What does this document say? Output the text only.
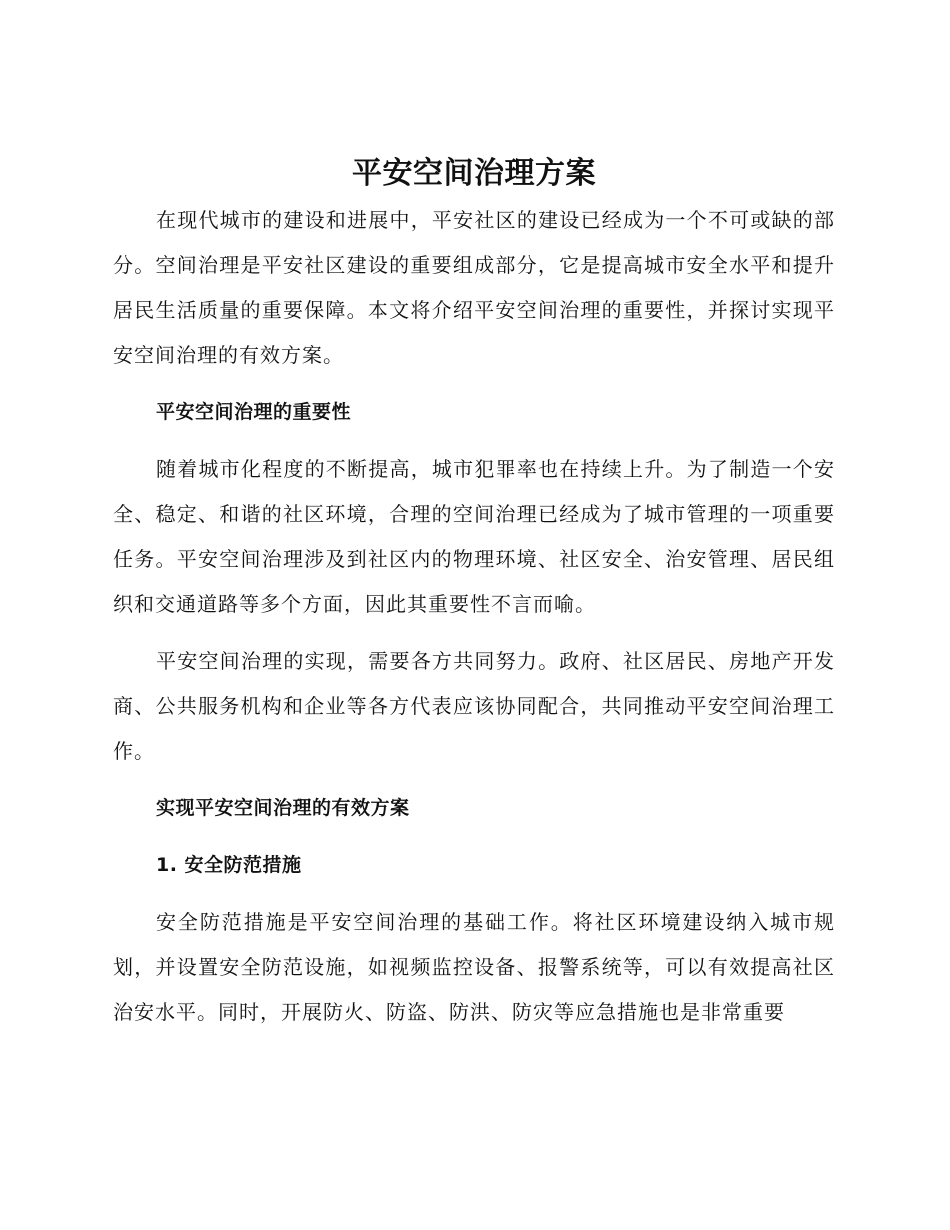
平安空间治理方案

在现代城市的建设和进展中，平安社区的建设已经成为一个不可或缺的部分。空间治理是平安社区建设的重要组成部分，它是提高城市安全水平和提升居民生活质量的重要保障。本文将介绍平安空间治理的重要性，并探讨实现平安空间治理的有效方案。

平安空间治理的重要性

随着城市化程度的不断提高，城市犯罪率也在持续上升。为了制造一个安全、稳定、和谐的社区环境，合理的空间治理已经成为了城市管理的一项重要任务。平安空间治理涉及到社区内的物理环境、社区安全、治安管理、居民组织和交通道路等多个方面，因此其重要性不言而喻。

平安空间治理的实现，需要各方共同努力。政府、社区居民、房地产开发商、公共服务机构和企业等各方代表应该协同配合，共同推动平安空间治理工作。

实现平安空间治理的有效方案

1. 安全防范措施

安全防范措施是平安空间治理的基础工作。将社区环境建设纳入城市规划，并设置安全防范设施，如视频监控设备、报警系统等，可以有效提高社区治安水平。同时，开展防火、防盗、防洪、防灾等应急措施也是非常重要
